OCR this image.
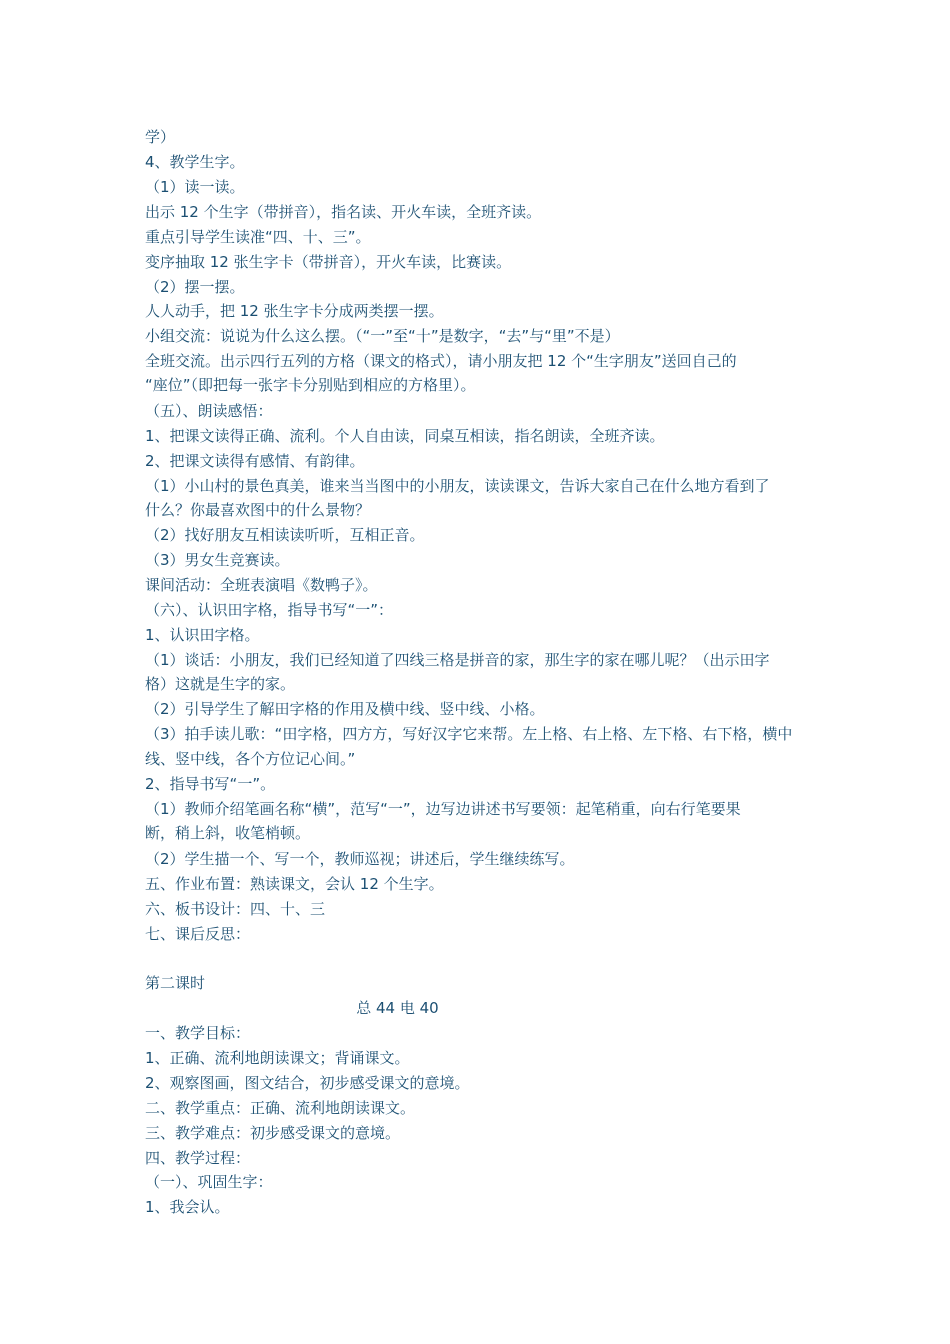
学）

4、教学生字。

（1）读一读。

出示 12 个生字（带拼音），指名读、开火车读，全班齐读。

重点引导学生读准“四、十、三”。

变序抽取 12 张生字卡（带拼音），开火车读，比赛读。

（2）摆一摆。

人人动手，把 12 张生字卡分成两类摆一摆。

小组交流：说说为什么这么摆。（“一”至“十”是数字，“去”与“里”不是）

全班交流。出示四行五列的方格（课文的格式），请小朋友把 12 个“生字朋友”送回自己的

“座位”（即把每一张字卡分别贴到相应的方格里）。

（五）、朗读感悟：

1、把课文读得正确、流利。个人自由读，同桌互相读，指名朗读，全班齐读。

2、把课文读得有感情、有韵律。

（1）小山村的景色真美，谁来当当图中的小朋友，读读课文，告诉大家自己在什么地方看到了

什么？你最喜欢图中的什么景物？

（2）找好朋友互相读读听听，互相正音。

（3）男女生竞赛读。

课间活动：全班表演唱《数鸭子》。

（六）、认识田字格，指导书写“一”：

1、认识田字格。

（1）谈话：小朋友，我们已经知道了四线三格是拼音的家，那生字的家在哪儿呢？（出示田字

格）这就是生字的家。

（2）引导学生了解田字格的作用及横中线、竖中线、小格。

（3）拍手读儿歌：“田字格，四方方，写好汉字它来帮。左上格、右上格、左下格、右下格，横中

线、竖中线，各个方位记心间。”

2、指导书写“一”。

（1）教师介绍笔画名称“横”，范写“一”，边写边讲述书写要领：起笔稍重，向右行笔要果

断，稍上斜，收笔梢顿。

（2）学生描一个、写一个，教师巡视；讲述后，学生继续练写。

五、作业布置：熟读课文，会认 12 个生字。

六、板书设计：四、十、三

七、课后反思：

第二课时

总 44 电 40

一、教学目标：

1、正确、流利地朗读课文；背诵课文。

2、观察图画，图文结合，初步感受课文的意境。

二、教学重点：正确、流利地朗读课文。

三、教学难点：初步感受课文的意境。

四、教学过程：

（一）、巩固生字：

1、我会认。
